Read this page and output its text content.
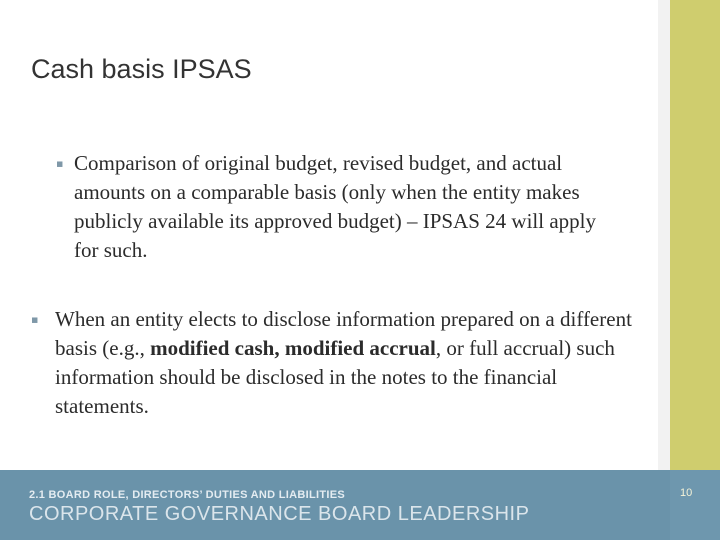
Cash basis IPSAS
▪ Comparison of original budget, revised budget, and actual amounts on a comparable basis (only when the entity makes publicly available its approved budget) – IPSAS 24 will apply for such.
▪ When an entity elects to disclose information prepared on a different basis (e.g., modified cash, modified accrual, or full accrual) such information should be disclosed in the notes to the financial statements.
2.1 BOARD ROLE, DIRECTORS’ DUTIES AND LIABILITIES
CORPORATE GOVERNANCE BOARD LEADERSHIP
10
